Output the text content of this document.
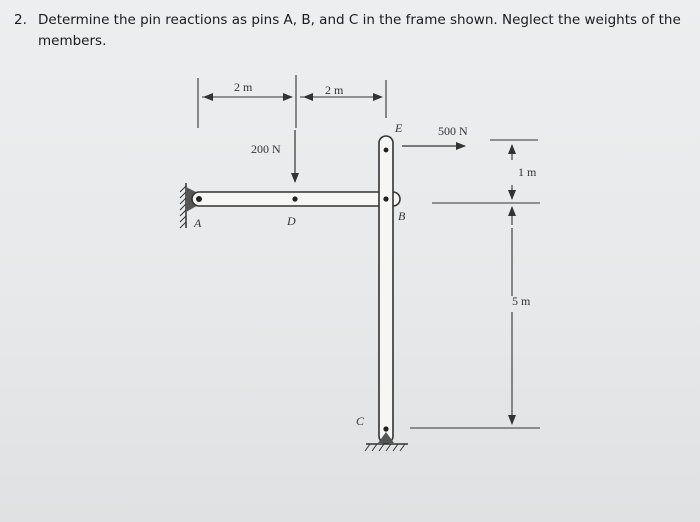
2. Determine the pin reactions as pins A, B, and C in the frame shown. Neglect the weights of the members.
2 m	2 m
200 N
500 N
1 m
5 m
A	B
C
D
E
